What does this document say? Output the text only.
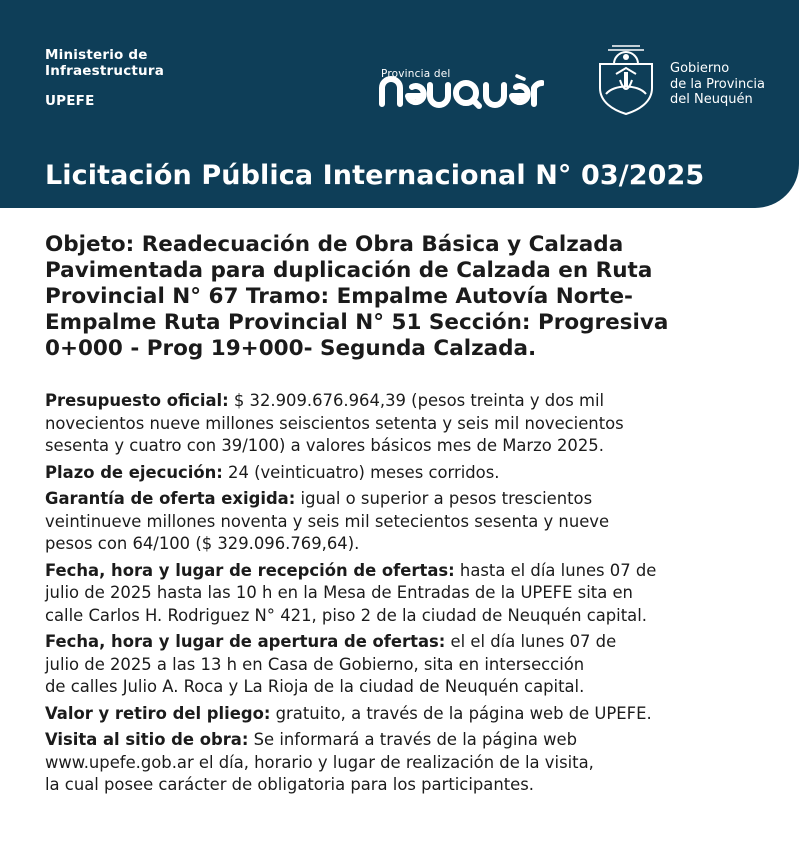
Ministerio de
Infraestructura
UPEFE
Provincia del	Gobierno
de la Provincia
del Neuquén
Licitación Pública Internacional N° 03/2025
Objeto: Readecuación de Obra Básica y Calzada
Pavimentada para duplicación de Calzada en Ruta
Provincial N° 67 Tramo: Empalme Autovía Norte-
Empalme Ruta Provincial N° 51 Sección: Progresiva
0+000 - Prog 19+000- Segunda Calzada.
Presupuesto oficial: $ 32.909.676.964,39 (pesos treinta y dos mil
novecientos nueve millones seiscientos setenta y seis mil novecientos
sesenta y cuatro con 39/100) a valores básicos mes de Marzo 2025.
Plazo de ejecución: 24 (veinticuatro) meses corridos.
Garantía de oferta exigida: igual o superior a pesos trescientos
veintinueve millones noventa y seis mil setecientos sesenta y nueve
pesos con 64/100 ($ 329.096.769,64).
Fecha, hora y lugar de recepción de ofertas: hasta el día lunes 07 de
julio de 2025 hasta las 10 h en la Mesa de Entradas de la UPEFE sita en
calle Carlos H. Rodriguez N° 421, piso 2 de la ciudad de Neuquén capital.
Fecha, hora y lugar de apertura de ofertas: el el día lunes 07 de
julio de 2025 a las 13 h en Casa de Gobierno, sita en intersección
de calles Julio A. Roca y La Rioja de la ciudad de Neuquén capital.
Valor y retiro del pliego: gratuito, a través de la página web de UPEFE.
Visita al sitio de obra: Se informará a través de la página web
www.upefe.gob.ar el día, horario y lugar de realización de la visita,
la cual posee carácter de obligatoria para los participantes.
